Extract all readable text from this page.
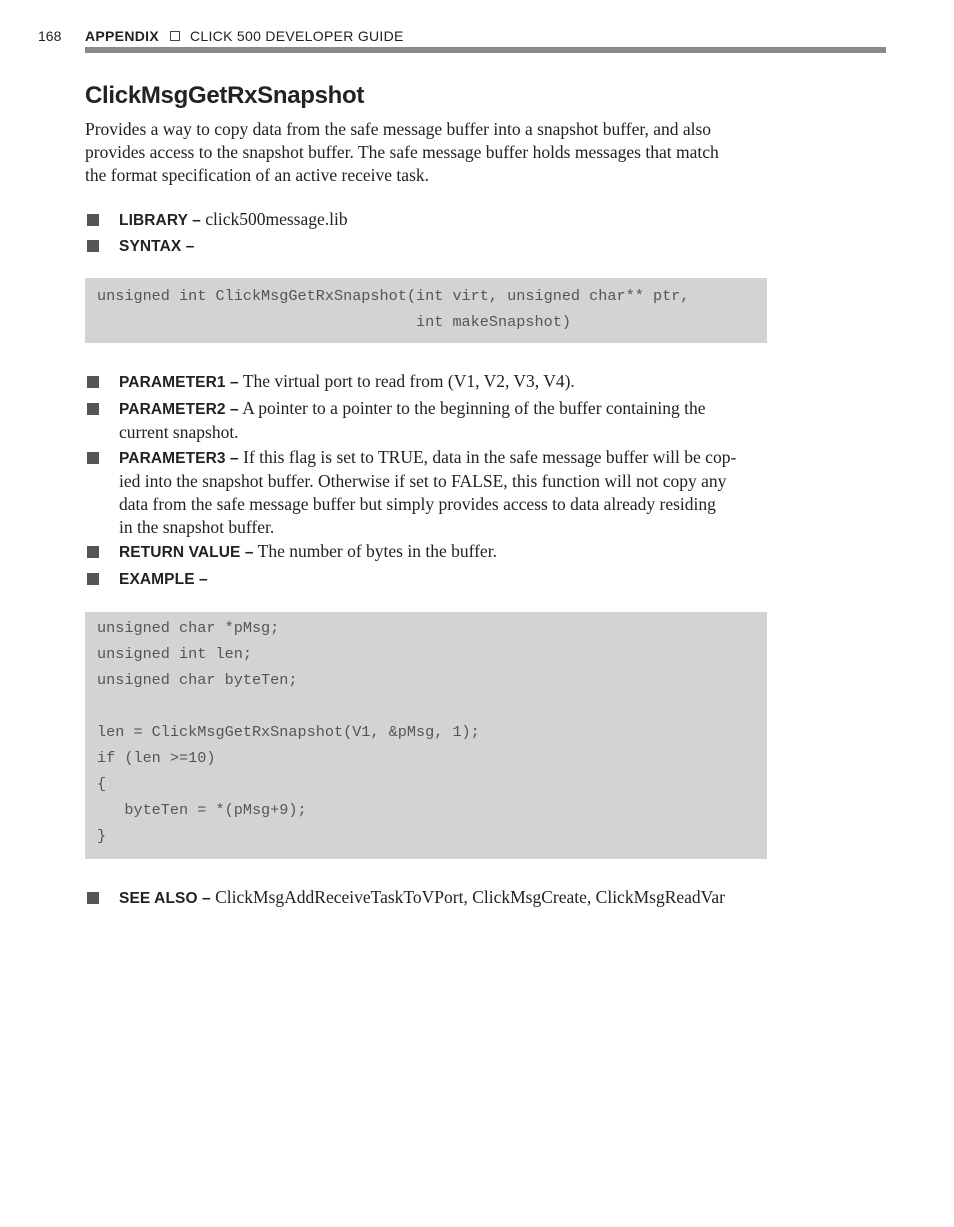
168	APPENDIX CLICK 500 DEVELOPER GUIDE
ClickMsgGetRxSnapshot
Provides a way to copy data from the safe message buffer into a snapshot buffer, and also
provides access to the snapshot buffer. The safe message buffer holds messages that match
the format specification of an active receive task.
LIBRARY – click500message.lib
SYNTAX –
unsigned int ClickMsgGetRxSnapshot(int virt, unsigned char** ptr,
int makeSnapshot)
PARAMETER1 – The virtual port to read from (V1, V2, V3, V4).
PARAMETER2 – A pointer to a pointer to the beginning of the buffer containing the
current snapshot.
PARAMETER3 – If this flag is set to TRUE, data in the safe message buffer will be cop-
ied into the snapshot buffer. Otherwise if set to FALSE, this function will not copy any
data from the safe message buffer but simply provides access to data already residing
in the snapshot buffer.
RETURN VALUE – The number of bytes in the buffer.
EXAMPLE –
unsigned char *pMsg;
unsigned int len;
unsigned char byteTen;
len = ClickMsgGetRxSnapshot(V1, &pMsg, 1);
if (len >=10)
{
byteTen = *(pMsg+9);
}
SEE ALSO – ClickMsgAddReceiveTaskToVPort, ClickMsgCreate, ClickMsgReadVar
